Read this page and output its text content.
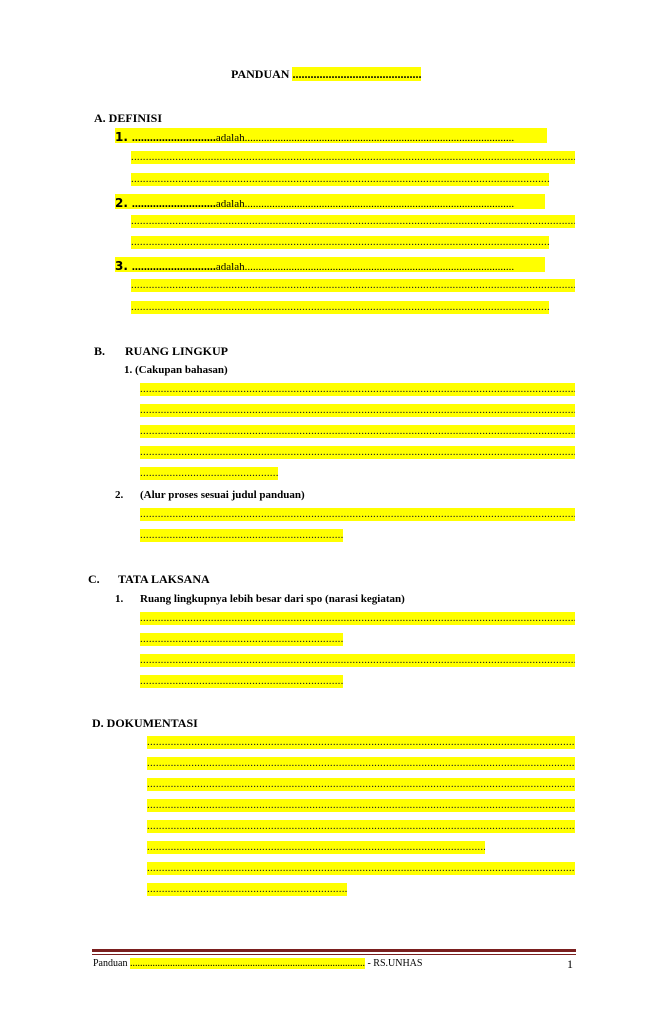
PANDUAN ...........................................
A. DEFINISI
1. ............................adalah..................................................................................................
.....
.....
2. ............................adalah..................................................................................................
.....
.....
3. ............................adalah..................................................................................................
.....
.....
B. RUANG LINGKUP
1. (Cakupan bahasan)
.....
.....
.....
.....
.....
2. (Alur proses sesuai judul panduan)
.....
.....
C. TATA LAKSANA
1. Ruang lingkupnya lebih besar dari spo (narasi kegiatan)
.....
.....
.....
.....
D. DOKUMENTASI
.....
.....
.....
.....
.....
.....
.....
.....
Panduan .............................................................................................. - RS.UNHAS	1
